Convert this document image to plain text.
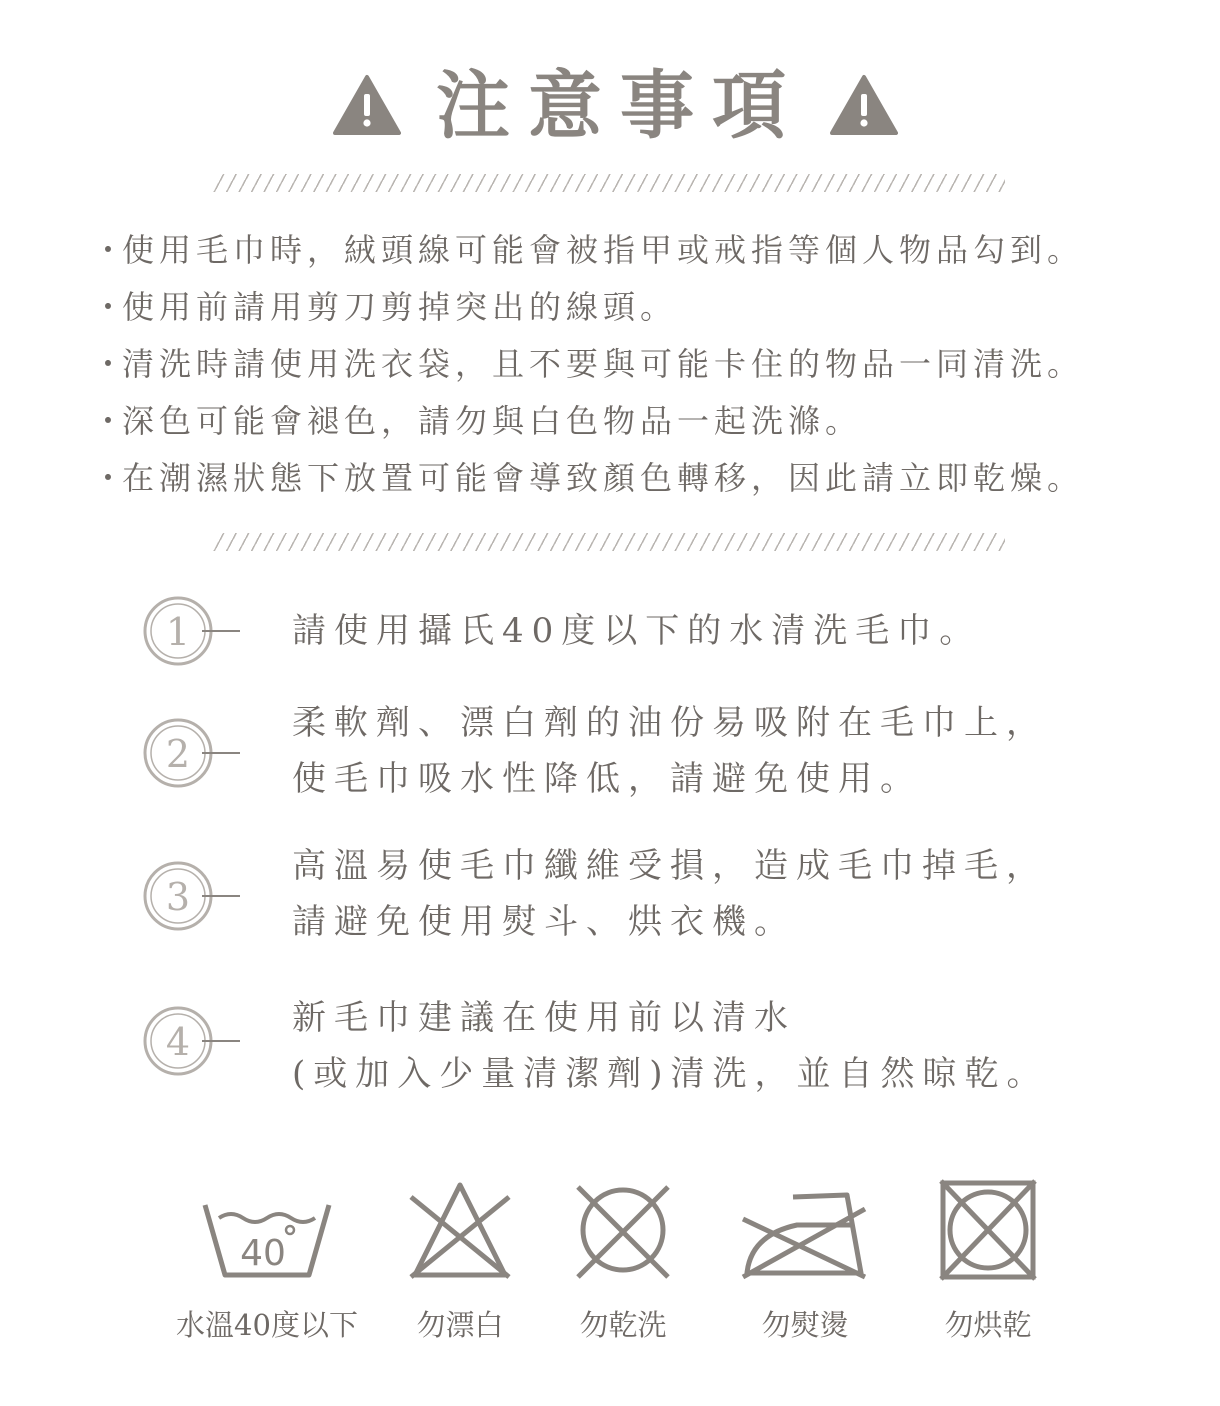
注意事項
・使用毛巾時，絨頭線可能會被指甲或戒指等個人物品勾到。
・使用前請用剪刀剪掉突出的線頭。
・清洗時請使用洗衣袋，且不要與可能卡住的物品一同清洗。
・深色可能會褪色，請勿與白色物品一起洗滌。
・在潮濕狀態下放置可能會導致顏色轉移，因此請立即乾燥。
1	請使用攝氏40度以下的水清洗毛巾。
2
柔軟劑、漂白劑的油份易吸附在毛巾上，
使毛巾吸水性降低，請避免使用。
3
高溫易使毛巾纖維受損，造成毛巾掉毛，
請避免使用熨斗、烘衣機。
4
新毛巾建議在使用前以清水
(或加入少量清潔劑)清洗，並自然晾乾。
40
水溫40度以下	勿漂白	勿乾洗	勿熨燙	勿烘乾
